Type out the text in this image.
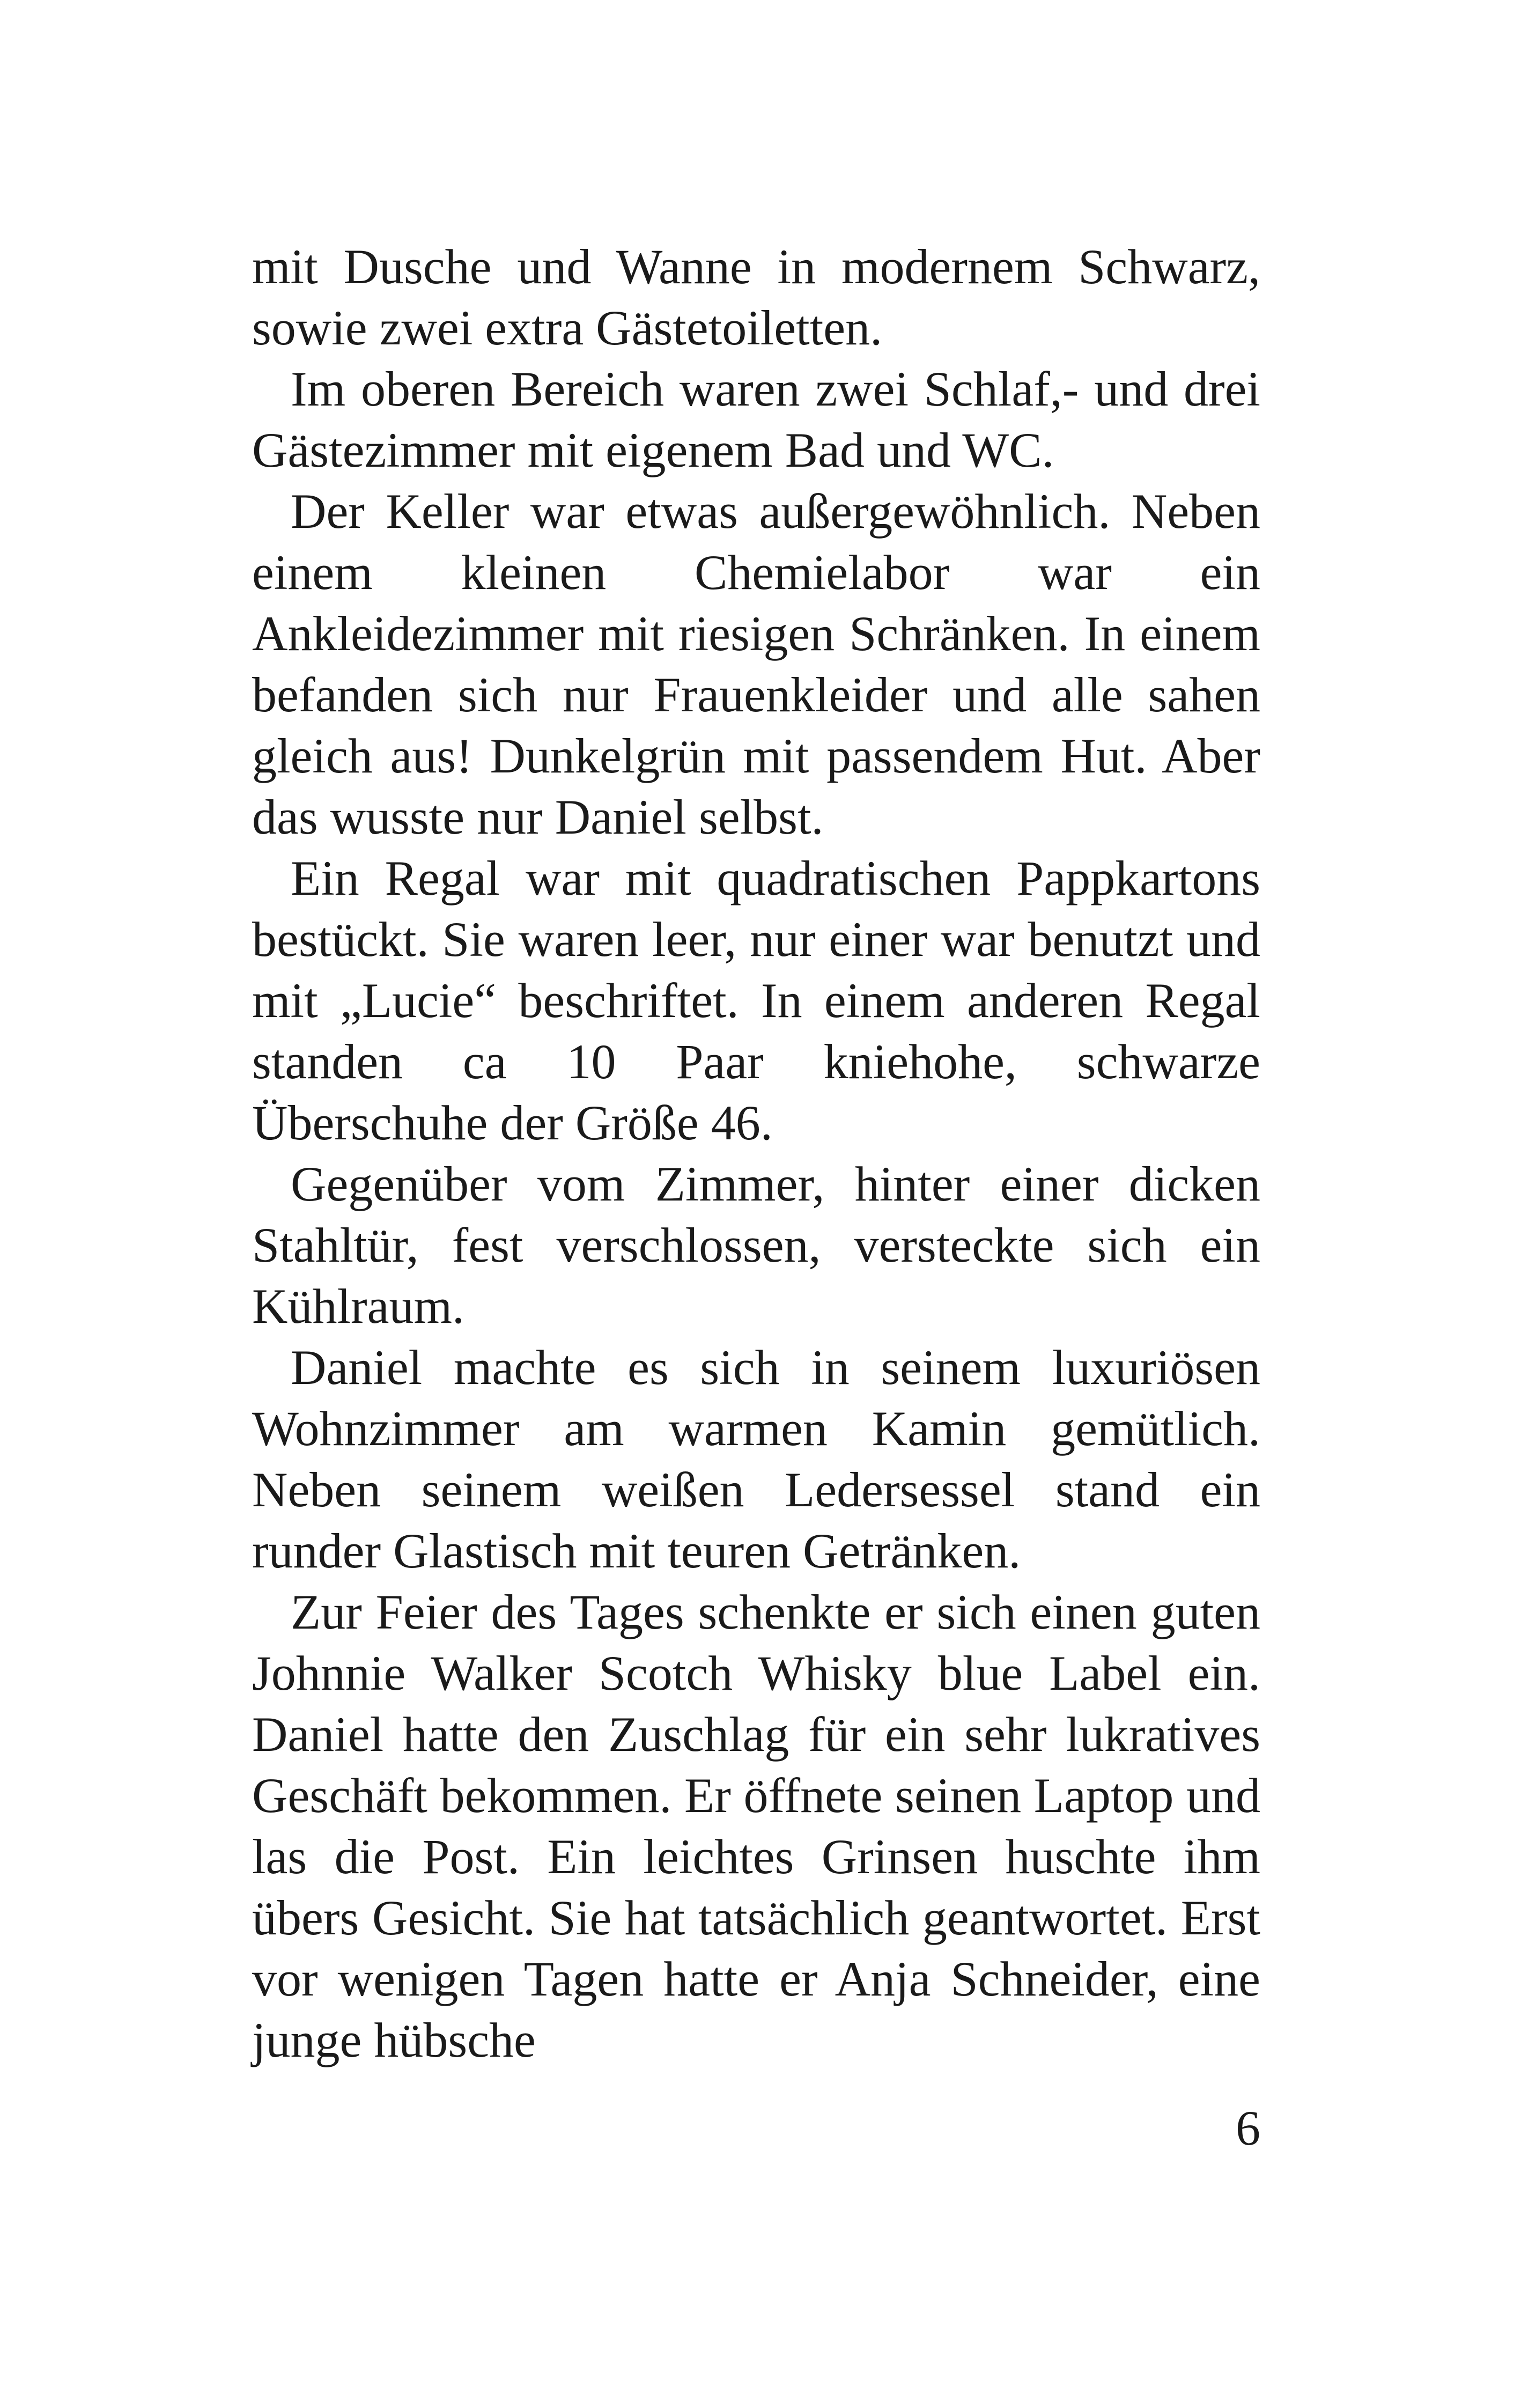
mit Dusche und Wanne in modernem Schwarz, sowie zwei extra Gästetoiletten.

Im oberen Bereich waren zwei Schlaf,- und drei Gästezimmer mit eigenem Bad und WC.

Der Keller war etwas außergewöhnlich. Neben einem kleinen Chemielabor war ein Ankleidezimmer mit riesigen Schränken. In einem befanden sich nur Frauenkleider und alle sahen gleich aus! Dunkelgrün mit passendem Hut. Aber das wusste nur Daniel selbst.

Ein Regal war mit quadratischen Pappkartons bestückt. Sie waren leer, nur einer war benutzt und mit „Lucie“ beschriftet. In einem anderen Regal standen ca 10 Paar kniehohe, schwarze Überschuhe der Größe 46.

Gegenüber vom Zimmer, hinter einer dicken Stahltür, fest verschlossen, versteckte sich ein Kühlraum.

Daniel machte es sich in seinem luxuriösen Wohnzimmer am warmen Kamin gemütlich. Neben seinem weißen Ledersessel stand ein runder Glastisch mit teuren Getränken.

Zur Feier des Tages schenkte er sich einen guten Johnnie Walker Scotch Whisky blue Label ein. Daniel hatte den Zuschlag für ein sehr lukratives Geschäft bekommen. Er öffnete seinen Laptop und las die Post. Ein leichtes Grinsen huschte ihm übers Gesicht. Sie hat tatsächlich geantwortet. Erst vor wenigen Tagen hatte er Anja Schneider, eine junge hübsche

6
